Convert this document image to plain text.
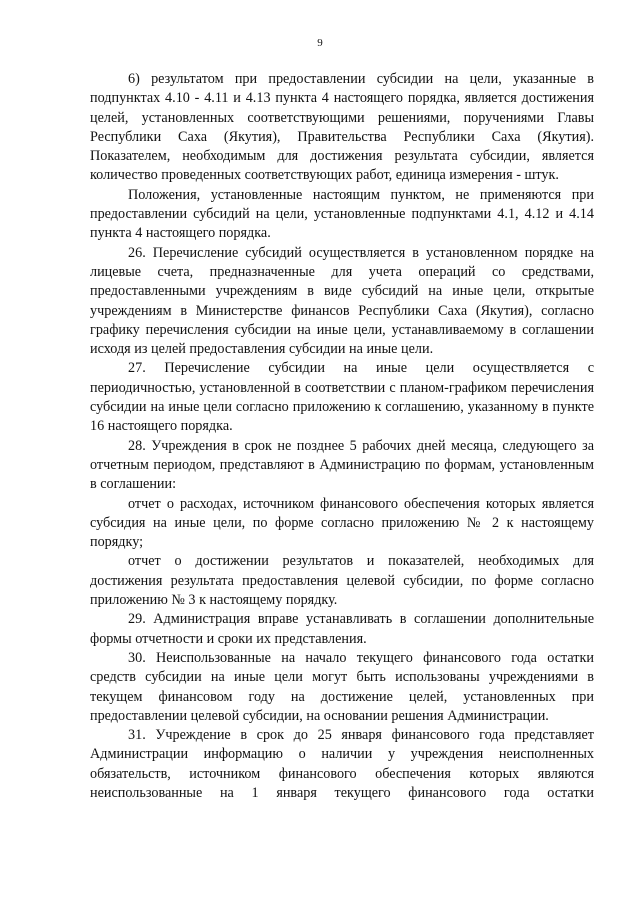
9

6) результатом при предоставлении субсидии на цели, указанные в подпунктах 4.10 - 4.11 и 4.13 пункта 4 настоящего порядка, является достижения целей, установленных соответствующими решениями, поручениями Главы Республики Саха (Якутия), Правительства Республики Саха (Якутия). Показателем, необходимым для достижения результата субсидии, является количество проведенных соответствующих работ, единица измерения - штук.

Положения, установленные настоящим пунктом, не применяются при предоставлении субсидий на цели, установленные подпунктами 4.1, 4.12 и 4.14 пункта 4 настоящего порядка.

26. Перечисление субсидий осуществляется в установленном порядке на лицевые счета, предназначенные для учета операций со средствами, предоставленными учреждениям в виде субсидий на иные цели, открытые учреждениям в Министерстве финансов Республики Саха (Якутия), согласно графику перечисления субсидии на иные цели, устанавливаемому в соглашении исходя из целей предоставления субсидии на иные цели.

27. Перечисление субсидии на иные цели осуществляется с периодичностью, установленной в соответствии с планом-графиком перечисления субсидии на иные цели согласно приложению к соглашению, указанному в пункте 16 настоящего порядка.

28. Учреждения в срок не позднее 5 рабочих дней месяца, следующего за отчетным периодом, представляют в Администрацию по формам, установленным в соглашении:

отчет о расходах, источником финансового обеспечения которых является субсидия на иные цели, по форме согласно приложению № 2 к настоящему порядку;

отчет о достижении результатов и показателей, необходимых для достижения результата предоставления целевой субсидии, по форме согласно приложению № 3 к настоящему порядку.

29. Администрация вправе устанавливать в соглашении дополнительные формы отчетности и сроки их представления.

30. Неиспользованные на начало текущего финансового года остатки средств субсидии на иные цели могут быть использованы учреждениями в текущем финансовом году на достижение целей, установленных при предоставлении целевой субсидии, на основании решения Администрации.

31. Учреждение в срок до 25 января финансового года представляет Администрации информацию о наличии у учреждения неисполненных обязательств, источником финансового обеспечения которых являются неиспользованные на 1 января текущего финансового года остатки
